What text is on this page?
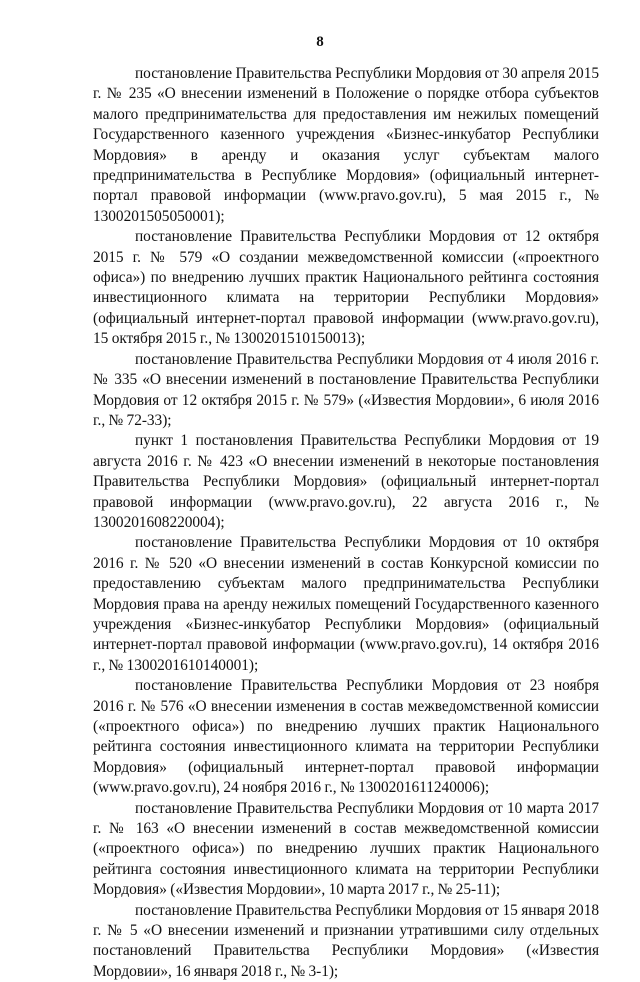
8

постановление Правительства Республики Мордовия от 30 апреля 2015 г. № 235 «О внесении изменений в Положение о порядке отбора субъектов малого предпринимательства для предоставления им нежилых помещений Государственного казенного учреждения «Бизнес-инкубатор Республики Мордовия» в аренду и оказания услуг субъектам малого предпринимательства в Республике Мордовия» (официальный интернет-портал правовой информации (www.pravo.gov.ru), 5 мая 2015 г., № 1300201505050001);

постановление Правительства Республики Мордовия от 12 октября 2015 г. № 579 «О создании межведомственной комиссии («проектного офиса») по внедрению лучших практик Национального рейтинга состояния инвестиционного климата на территории Республики Мордовия» (официальный интернет-портал правовой информации (www.pravo.gov.ru), 15 октября 2015 г., № 1300201510150013);

постановление Правительства Республики Мордовия от 4 июля 2016 г. № 335 «О внесении изменений в постановление Правительства Республики Мордовия от 12 октября 2015 г. № 579» («Известия Мордовии», 6 июля 2016 г., № 72-33);

пункт 1 постановления Правительства Республики Мордовия от 19 августа 2016 г. № 423 «О внесении изменений в некоторые постановления Правительства Республики Мордовия» (официальный интернет-портал правовой информации (www.pravo.gov.ru), 22 августа 2016 г., № 1300201608220004);

постановление Правительства Республики Мордовия от 10 октября 2016 г. № 520 «О внесении изменений в состав Конкурсной комиссии по предоставлению субъектам малого предпринимательства Республики Мордовия права на аренду нежилых помещений Государственного казенного учреждения «Бизнес-инкубатор Республики Мордовия» (официальный интернет-портал правовой информации (www.pravo.gov.ru), 14 октября 2016 г., № 1300201610140001);

постановление Правительства Республики Мордовия от 23 ноября 2016 г. № 576 «О внесении изменения в состав межведомственной комиссии («проектного офиса») по внедрению лучших практик Национального рейтинга состояния инвестиционного климата на территории Республики Мордовия» (официальный интернет-портал правовой информации (www.pravo.gov.ru), 24 ноября 2016 г., № 1300201611240006);

постановление Правительства Республики Мордовия от 10 марта 2017 г. № 163 «О внесении изменений в состав межведомственной комиссии («проектного офиса») по внедрению лучших практик Национального рейтинга состояния инвестиционного климата на территории Республики Мордовия» («Известия Мордовии», 10 марта 2017 г., № 25-11);

постановление Правительства Республики Мордовия от 15 января 2018 г. № 5 «О внесении изменений и признании утратившими силу отдельных постановлений Правительства Республики Мордовия» («Известия Мордовии», 16 января 2018 г., № 3-1);
